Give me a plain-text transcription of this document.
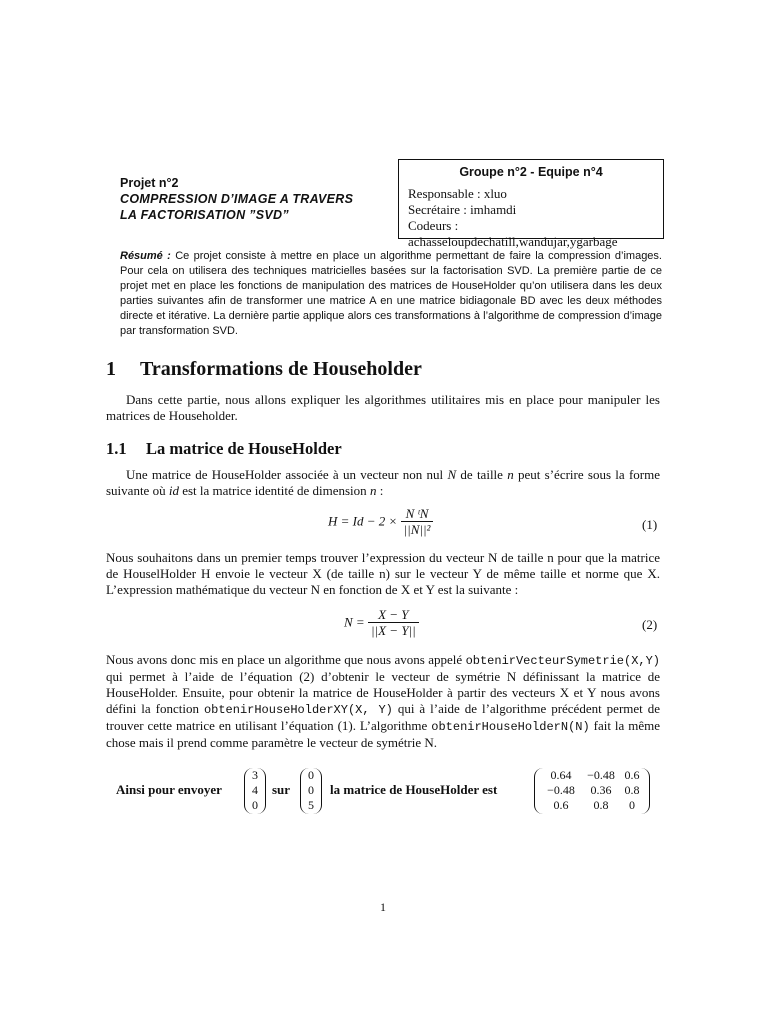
Projet n°2
COMPRESSION D’IMAGE A TRAVERS
LA FACTORISATION ”SVD”
Groupe n°2 - Equipe n°4
Responsable : xluo
Secrétaire : imhamdi
Codeurs : achasseloupdechatill,wandujar,ygarbage
Résumé : Ce projet consiste à mettre en place un algorithme permettant de faire la compression d’images. Pour cela on utilisera des techniques matricielles basées sur la factorisation SVD. La première partie de ce projet met en place les fonctions de manipulation des matrices de HouseHolder qu’on utilisera dans les deux parties suivantes afin de transformer une matrice A en une matrice bidiagonale BD avec les deux méthodes directe et itérative. La dernière partie applique alors ces transformations à l’algorithme de compression d’image par transformation SVD.
1 Transformations de Householder
Dans cette partie, nous allons expliquer les algorithmes utilitaires mis en place pour manipuler les matrices de Householder.
1.1 La matrice de HouseHolder
Une matrice de HouseHolder associée à un vecteur non nul N de taille n peut s’écrire sous la forme suivante où id est la matrice identité de dimension n :
$H = Id - 2 \times \frac{\text{N ᵗN}}{\text{||N||²}}$	(1)
Nous souhaitons dans un premier temps trouver l’expression du vecteur N de taille n pour que la matrice de HouselHolder H envoie le vecteur X (de taille n) sur le vecteur Y de même taille et norme que X. L’expression mathématique du vecteur N en fonction de X et Y est la suivante :
$N = \frac{X - Y}{||X - Y||}$	(2)
Nous avons donc mis en place un algorithme que nous avons appelé obtenirVecteurSymetrie(X,Y) qui permet à l’aide de l’équation (2) d’obtenir le vecteur de symétrie N définissant la matrice de HouseHolder. Ensuite, pour obtenir la matrice de HouseHolder à partir des vecteurs X et Y nous avons défini la fonction obtenirHouseHolderXY(X, Y) qui à l’aide de l’algorithme précédent permet de trouver cette matrice en utilisant l’équation (1). L’algorithme obtenirHouseHolderN(N) fait la même chose mais il prend comme paramètre le vecteur de symétrie N.
Ainsi pour envoyer
3
4
0
sur
0
0
5
la matrice de HouseHolder est
0.64	−0.48 0.6
−0.48	0.36	0.8
0.6	0.8	0
1
